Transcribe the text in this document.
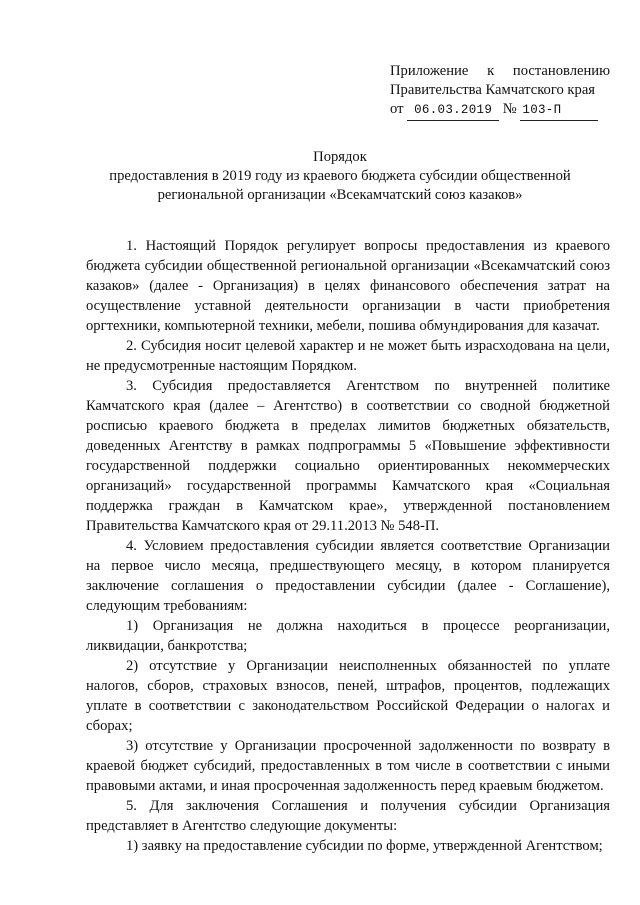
Приложение к постановлению
Правительства Камчатского края
от 06.03.2019 № 103-П
Порядок
предоставления в 2019 году из краевого бюджета субсидии общественной
региональной организации «Всекамчатский союз казаков»

1. Настоящий Порядок регулирует вопросы предоставления из краевого бюджета субсидии общественной региональной организации «Всекамчатский союз казаков» (далее - Организация) в целях финансового обеспечения затрат на осуществление уставной деятельности организации в части приобретения оргтехники, компьютерной техники, мебели, пошива обмундирования для казачат.

2. Субсидия носит целевой характер и не может быть израсходована на цели, не предусмотренные настоящим Порядком.

3. Субсидия предоставляется Агентством по внутренней политике Камчатского края (далее – Агентство) в соответствии со сводной бюджетной росписью краевого бюджета в пределах лимитов бюджетных обязательств, доведенных Агентству в рамках подпрограммы 5 «Повышение эффективности государственной поддержки социально ориентированных некоммерческих организаций» государственной программы Камчатского края «Социальная поддержка граждан в Камчатском крае», утвержденной постановлением Правительства Камчатского края от 29.11.2013 № 548-П.

4. Условием предоставления субсидии является соответствие Организации на первое число месяца, предшествующего месяцу, в котором планируется заключение соглашения о предоставлении субсидии (далее - Соглашение), следующим требованиям:

1) Организация не должна находиться в процессе реорганизации, ликвидации, банкротства;

2) отсутствие у Организации неисполненных обязанностей по уплате налогов, сборов, страховых взносов, пеней, штрафов, процентов, подлежащих уплате в соответствии с законодательством Российской Федерации о налогах и сборах;

3) отсутствие у Организации просроченной задолженности по возврату в краевой бюджет субсидий, предоставленных в том числе в соответствии с иными правовыми актами, и иная просроченная задолженность перед краевым бюджетом.

5. Для заключения Соглашения и получения субсидии Организация представляет в Агентство следующие документы:

1) заявку на предоставление субсидии по форме, утвержденной Агентством;
